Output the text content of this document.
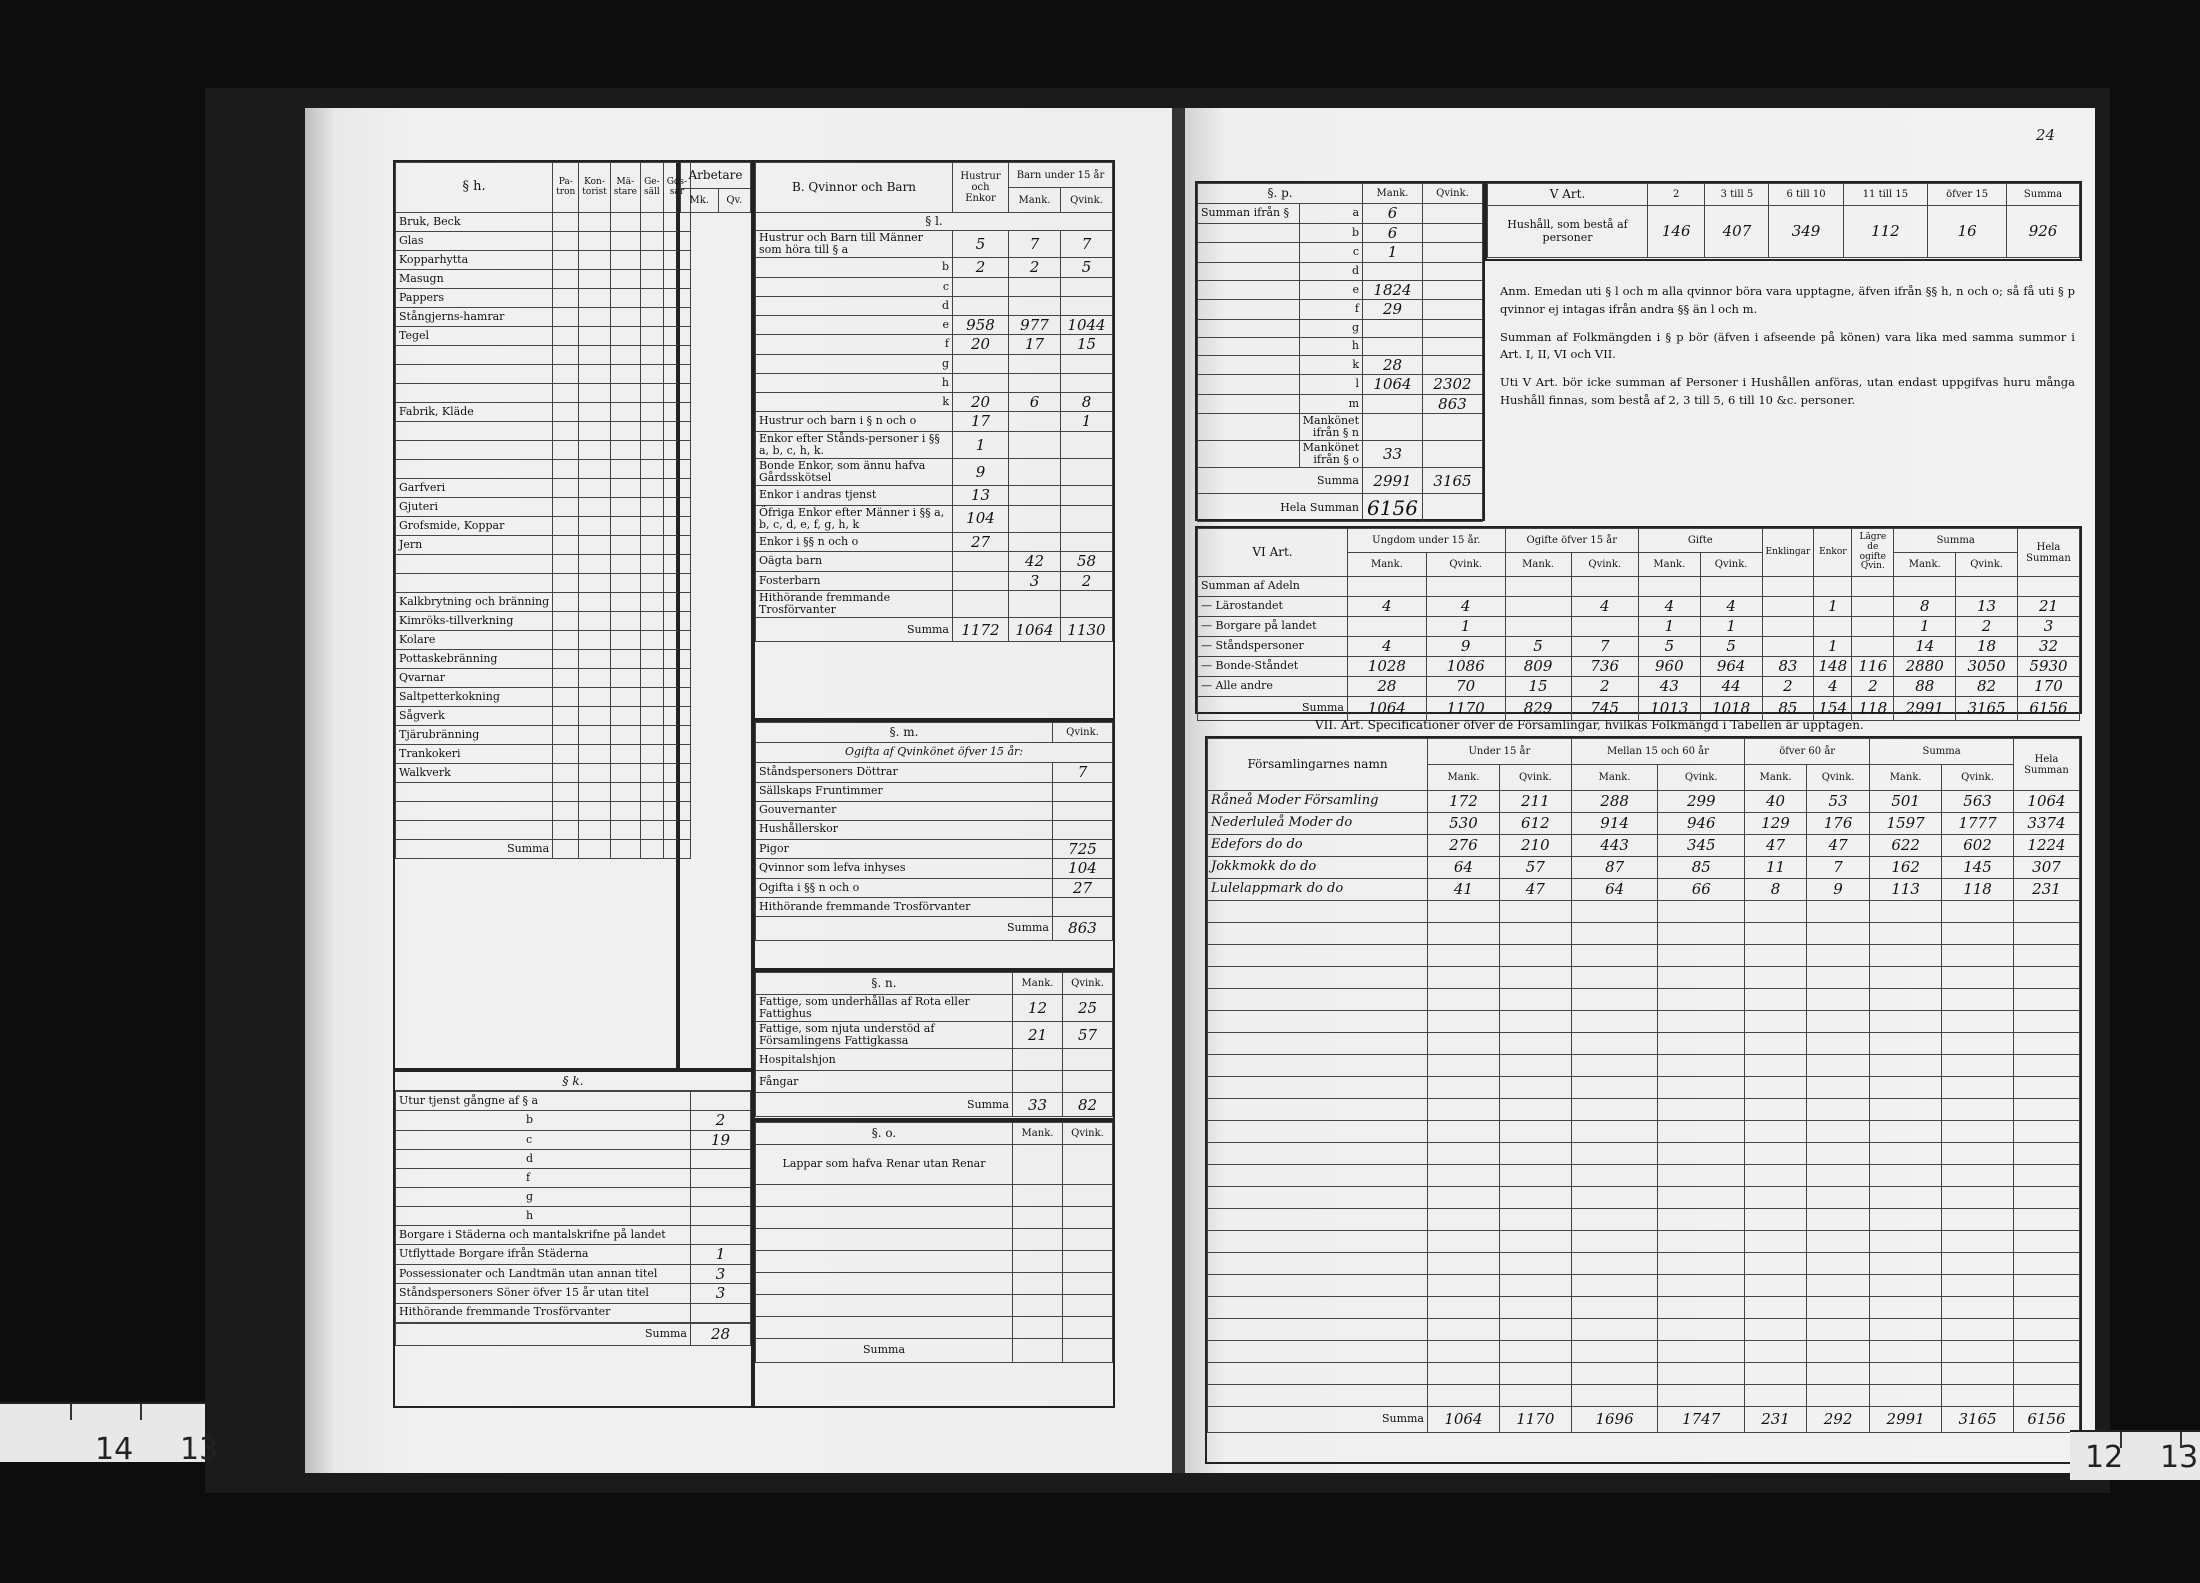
§ h.	Pa-tron	Kon-torist	Mä-stare	Ge-säll	Gos-sar

Bruk, Beck					
Glas					
Kopparhytta					
Masugn					
Pappers					
Stångjerns-hamrar					
Tegel					

Fabrik, Kläde					

Garfveri					
Gjuteri					
Grofsmide, Koppar					
Jern					

Kalkbrytning och bränning					
Kimröks-tillverkning					
Kolare					
Pottaskebränning					
Qvarnar					
Saltpetterkokning					
Sågverk					
Tjärubränning					
Trankokeri					
Walkverk					

Summa					
Arbetare
Mk.	Qv.
§ k.
Utur tjenst gångne af § a	
b	2
c	19
d	
f	
g	
h	
Borgare i Städerna och mantalskrifne på landet	
Utflyttade Borgare ifrån Städerna	1
Possessionater och Landtmän utan annan titel	3
Ståndspersoners Söner öfver 15 år utan titel	3
Hithörande fremmande Trosförvanter	
Summa	28
B. Qvinnor och Barn	Hustrur och Enkor	Barn under 15 år	
		Mank.	Qvink.
§ l.			
Hustrur och Barn till Männer som höra till § a	5	7	7
b	2	2	5
c			
d			
e	958	977	1044
f	20	17	15
g			
h			
k	20	6	8
Hustrur och barn i § n och o	17		1
Enkor efter Stånds-personer i §§ a, b, c, h, k.	1		
Bonde Enkor, som ännu hafva Gårdsskötsel	9		
Enkor i andras tjenst	13		
Öfriga Enkor efter Männer i §§ a, b, c, d, e, f, g, h, k	104		
Enkor i §§ n och o	27		
Oägta barn		42	58
Fosterbarn		3	2
Hithörande fremmande Trosförvanter			
Summa	1172	1064	1130
§. m.	Qvink.
Ogifta af Qvinkönet öfver 15 år:	
Ståndspersoners Döttrar	7
Sällskaps Fruntimmer	
Gouvernanter	
Hushållerskor	
Pigor	725
Qvinnor som lefva inhyses	104
Ogifta i §§ n och o	27
Hithörande fremmande Trosförvanter	
Summa	863
§. n.	Mank.	Qvink.
Fattige, som underhållas af Rota eller Fattighus	12	25
Fattige, som njuta understöd af Församlingens Fattigkassa	21	57
Hospitalshjon		
Fångar		
Summa	33	82
§. o.	Mank.	Qvink.
Lappar som hafva Renar utan Renar		

Summa		
24
§. p.		Mank.	Qvink.
Summan ifrån §	a	6	
	b	6	
	c	1	
	d		
	e	1824	
	f	29	
	g		
	h		
	k	28	
	l	1064	2302
	m		863
	Mankönet ifrån § n		
	Mankönet ifrån § o	33	
Summa		2991	3165
Hela Summan		6156	
V Art.	2	3 till 5	6 till 10	11 till 15	öfver 15	Summa
Hushåll, som bestå af personer	146	407	349	112	16	926

Anm. Emedan uti § l och m alla qvinnor böra vara upptagne, äfven ifrån §§ h, n och o; så få uti § p qvinnor ej intagas ifrån andra §§ än l och m.

Summan af Folkmängden i § p bör (äfven i afseende på könen) vara lika med samma summor i Art. I, II, VI och VII.

Uti V Art. bör icke summan af Personer i Hushållen anföras, utan endast uppgifvas huru många Hushåll finnas, som bestå af 2, 3 till 5, 6 till 10 &c. personer.

VI Art.	Ungdom under 15 år.		Ogifte öfver 15 år		Gifte		Enklingar	Enkor	Lägre de ogifte Qvin.	Summa		Hela Summan
	Mank.	Qvink.	Mank.	Qvink.	Mank.	Qvink.				Mank.	Qvink.	
Summan af Adeln												
— Lärostandet	4	4		4	4	4		1		8	13	21
— Borgare på landet		1			1	1				1	2	3
— Ståndspersoner	4	9	5	7	5	5		1		14	18	32
— Bonde-Ståndet	1028	1086	809	736	960	964	83	148	116	2880	3050	5930
— Alle andre	28	70	15	2	43	44	2	4	2	88	82	170
Summa	1064	1170	829	745	1013	1018	85	154	118	2991	3165	6156
VII. Art. Specificationer öfver de Församlingar, hvilkas Folkmängd i Tabellen är upptagen.
Församlingarnes namn	Under 15 år		Mellan 15 och 60 år		öfver 60 år		Summa		Hela Summan
	Mank.	Qvink.	Mank.	Qvink.	Mank.	Qvink.	Mank.	Qvink.	
Råneå Moder Församling	172	211	288	299	40	53	501	563	1064
Nederluleå Moder do	530	612	914	946	129	176	1597	1777	3374
Edefors do do	276	210	443	345	47	47	622	602	1224
Jokkmokk do do	64	57	87	85	11	7	162	145	307
Lulelappmark do do	41	47	64	66	8	9	113	118	231

Summa	1064	1170	1696	1747	231	292	2991	3165	6156
14 13	12 13
